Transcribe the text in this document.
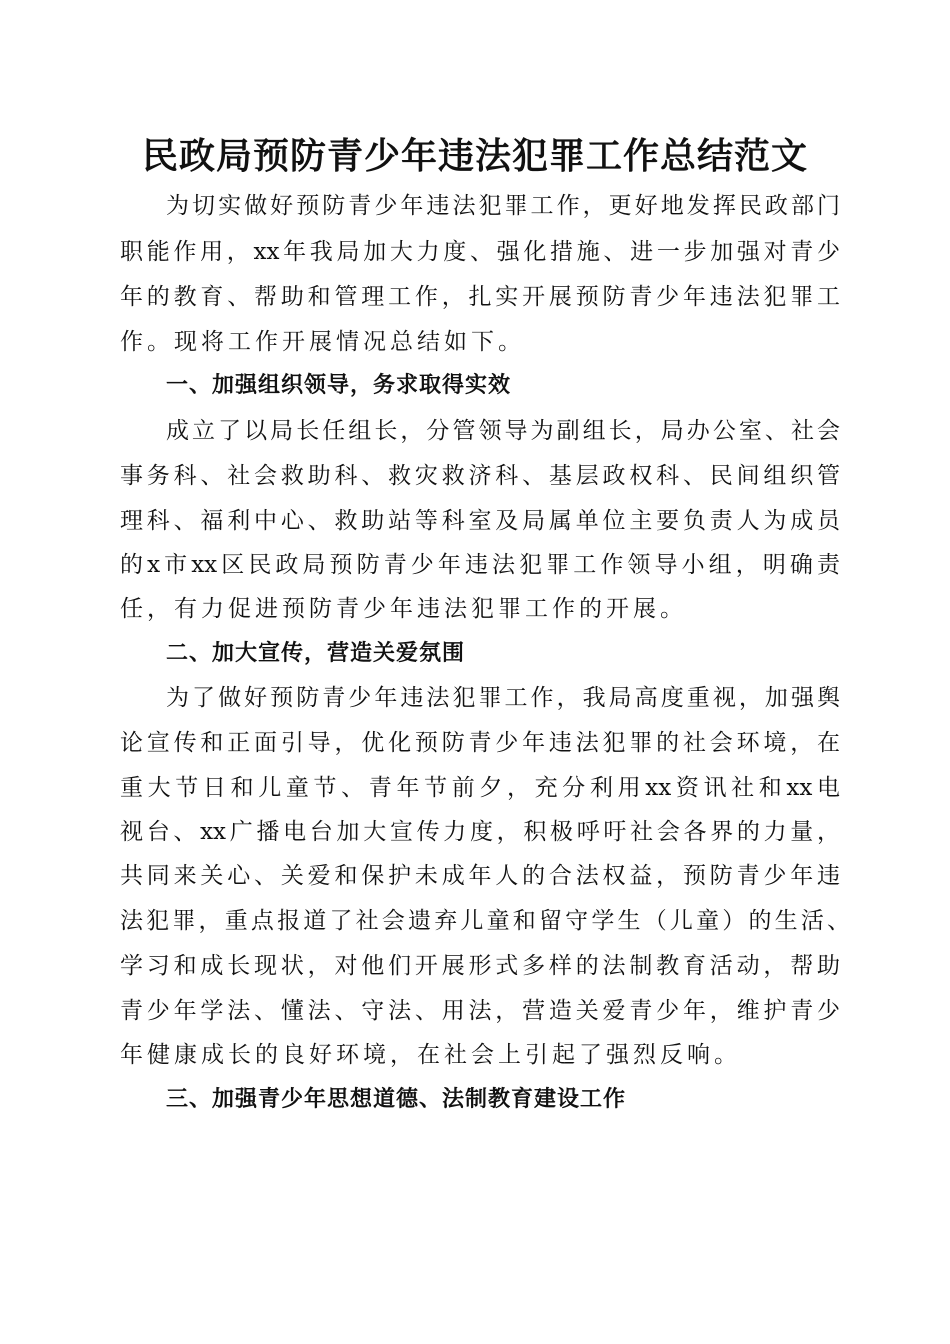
民政局预防青少年违法犯罪工作总结范文

为切实做好预防青少年违法犯罪工作，更好地发挥民政部门

职能作用，xx年我局加大力度、强化措施、进一步加强对青少

年的教育、帮助和管理工作，扎实开展预防青少年违法犯罪工

作。现将工作开展情况总结如下。

一、加强组织领导，务求取得实效

成立了以局长任组长，分管领导为副组长，局办公室、社会

事务科、社会救助科、救灾救济科、基层政权科、民间组织管

理科、福利中心、救助站等科室及局属单位主要负责人为成员

的x市xx区民政局预防青少年违法犯罪工作领导小组，明确责

任，有力促进预防青少年违法犯罪工作的开展。

二、加大宣传，营造关爱氛围

为了做好预防青少年违法犯罪工作，我局高度重视，加强舆

论宣传和正面引导，优化预防青少年违法犯罪的社会环境，在

重大节日和儿童节、青年节前夕，充分利用xx资讯社和xx电

视台、xx广播电台加大宣传力度，积极呼吁社会各界的力量，

共同来关心、关爱和保护未成年人的合法权益，预防青少年违

法犯罪，重点报道了社会遗弃儿童和留守学生（儿童）的生活、

学习和成长现状，对他们开展形式多样的法制教育活动，帮助

青少年学法、懂法、守法、用法，营造关爱青少年，维护青少

年健康成长的良好环境，在社会上引起了强烈反响。

三、加强青少年思想道德、法制教育建设工作
